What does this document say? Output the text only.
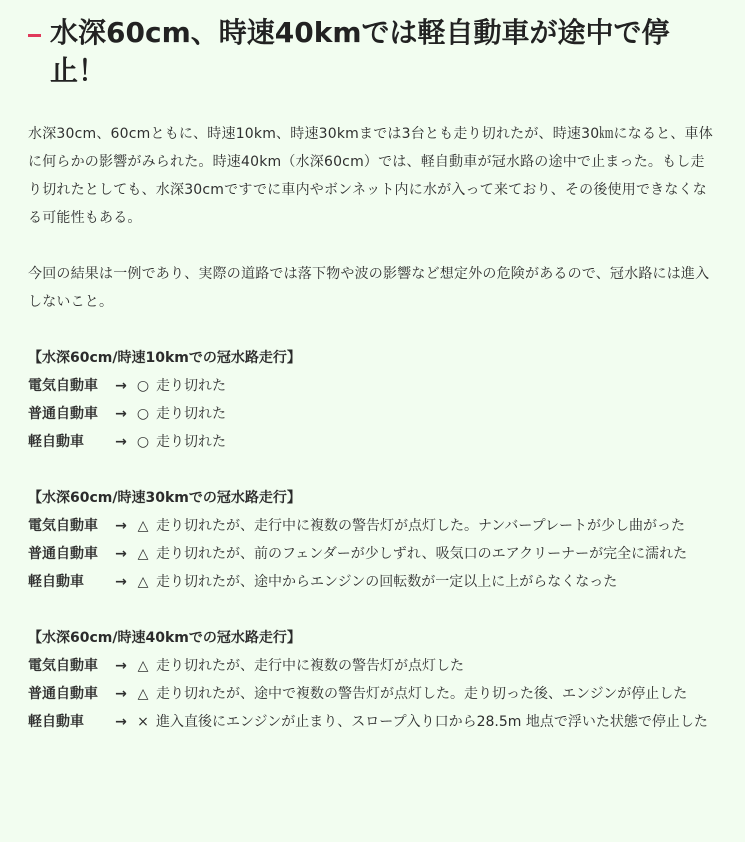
水深60cm、時速40kmでは軽自動車が途中で停止！

水深30cm、60cmともに、時速10km、時速30kmまでは3台とも走り切れたが、時速30㎞になると、車体に何らかの影響がみられた。時速40km（水深60cm）では、軽自動車が冠水路の途中で止まった。もし走り切れたとしても、水深30cmですでに車内やボンネット内に水が入って来ており、その後使用できなくなる可能性もある。

今回の結果は一例であり、実際の道路では落下物や波の影響など想定外の危険があるので、冠水路には進入しないこと。

【水深60cm/時速10kmでの冠水路走行】
電気自動車	→ ○ 走り切れた
普通自動車	→ ○ 走り切れた
軽自動車	→ ○ 走り切れた
【水深60cm/時速30kmでの冠水路走行】
電気自動車	→ △ 走り切れたが、走行中に複数の警告灯が点灯した。ナンバープレートが少し曲がった
普通自動車	→ △ 走り切れたが、前のフェンダーが少しずれ、吸気口のエアクリーナーが完全に濡れた
軽自動車	→ △ 走り切れたが、途中からエンジンの回転数が一定以上に上がらなくなった
【水深60cm/時速40kmでの冠水路走行】
電気自動車	→ △ 走り切れたが、走行中に複数の警告灯が点灯した
普通自動車	→ △ 走り切れたが、途中で複数の警告灯が点灯した。走り切った後、エンジンが停止した
軽自動車	→ × 進入直後にエンジンが止まり、スロープ入り口から28.5m 地点で浮いた状態で停止した
